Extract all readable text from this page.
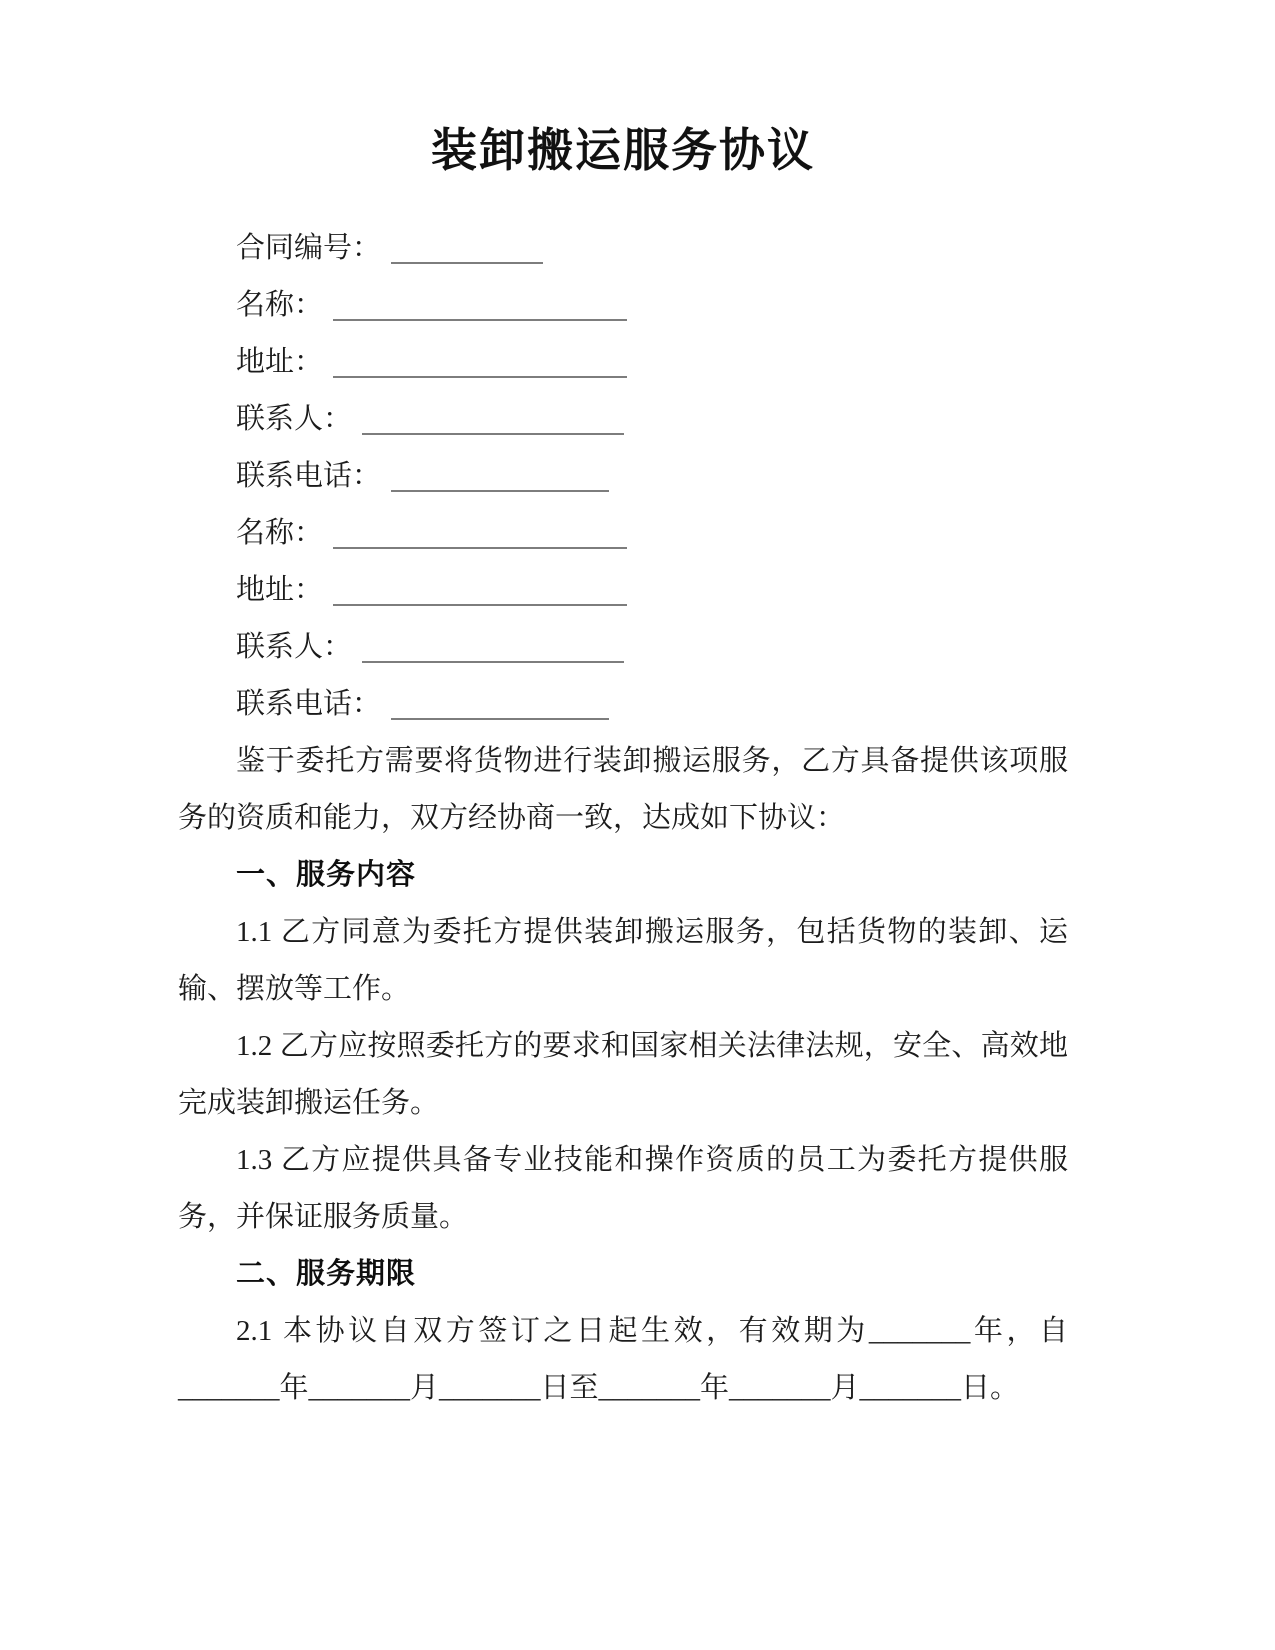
装卸搬运服务协议
合同编号：
名称：
地址：
联系人：
联系电话：
名称：
地址：
联系人：
联系电话：

鉴于委托方需要将货物进行装卸搬运服务，乙方具备提供该项服务的资质和能力，双方经协商一致，达成如下协议：

一、服务内容

1.1 乙方同意为委托方提供装卸搬运服务，包括货物的装卸、运输、摆放等工作。

1.2 乙方应按照委托方的要求和国家相关法律法规，安全、高效地完成装卸搬运任务。

1.3 乙方应提供具备专业技能和操作资质的员工为委托方提供服务，并保证服务质量。

二、服务期限

2.1 本协议自双方签订之日起生效，有效期为_______年，自_______年_______月_______日至_______年_______月_______日。
